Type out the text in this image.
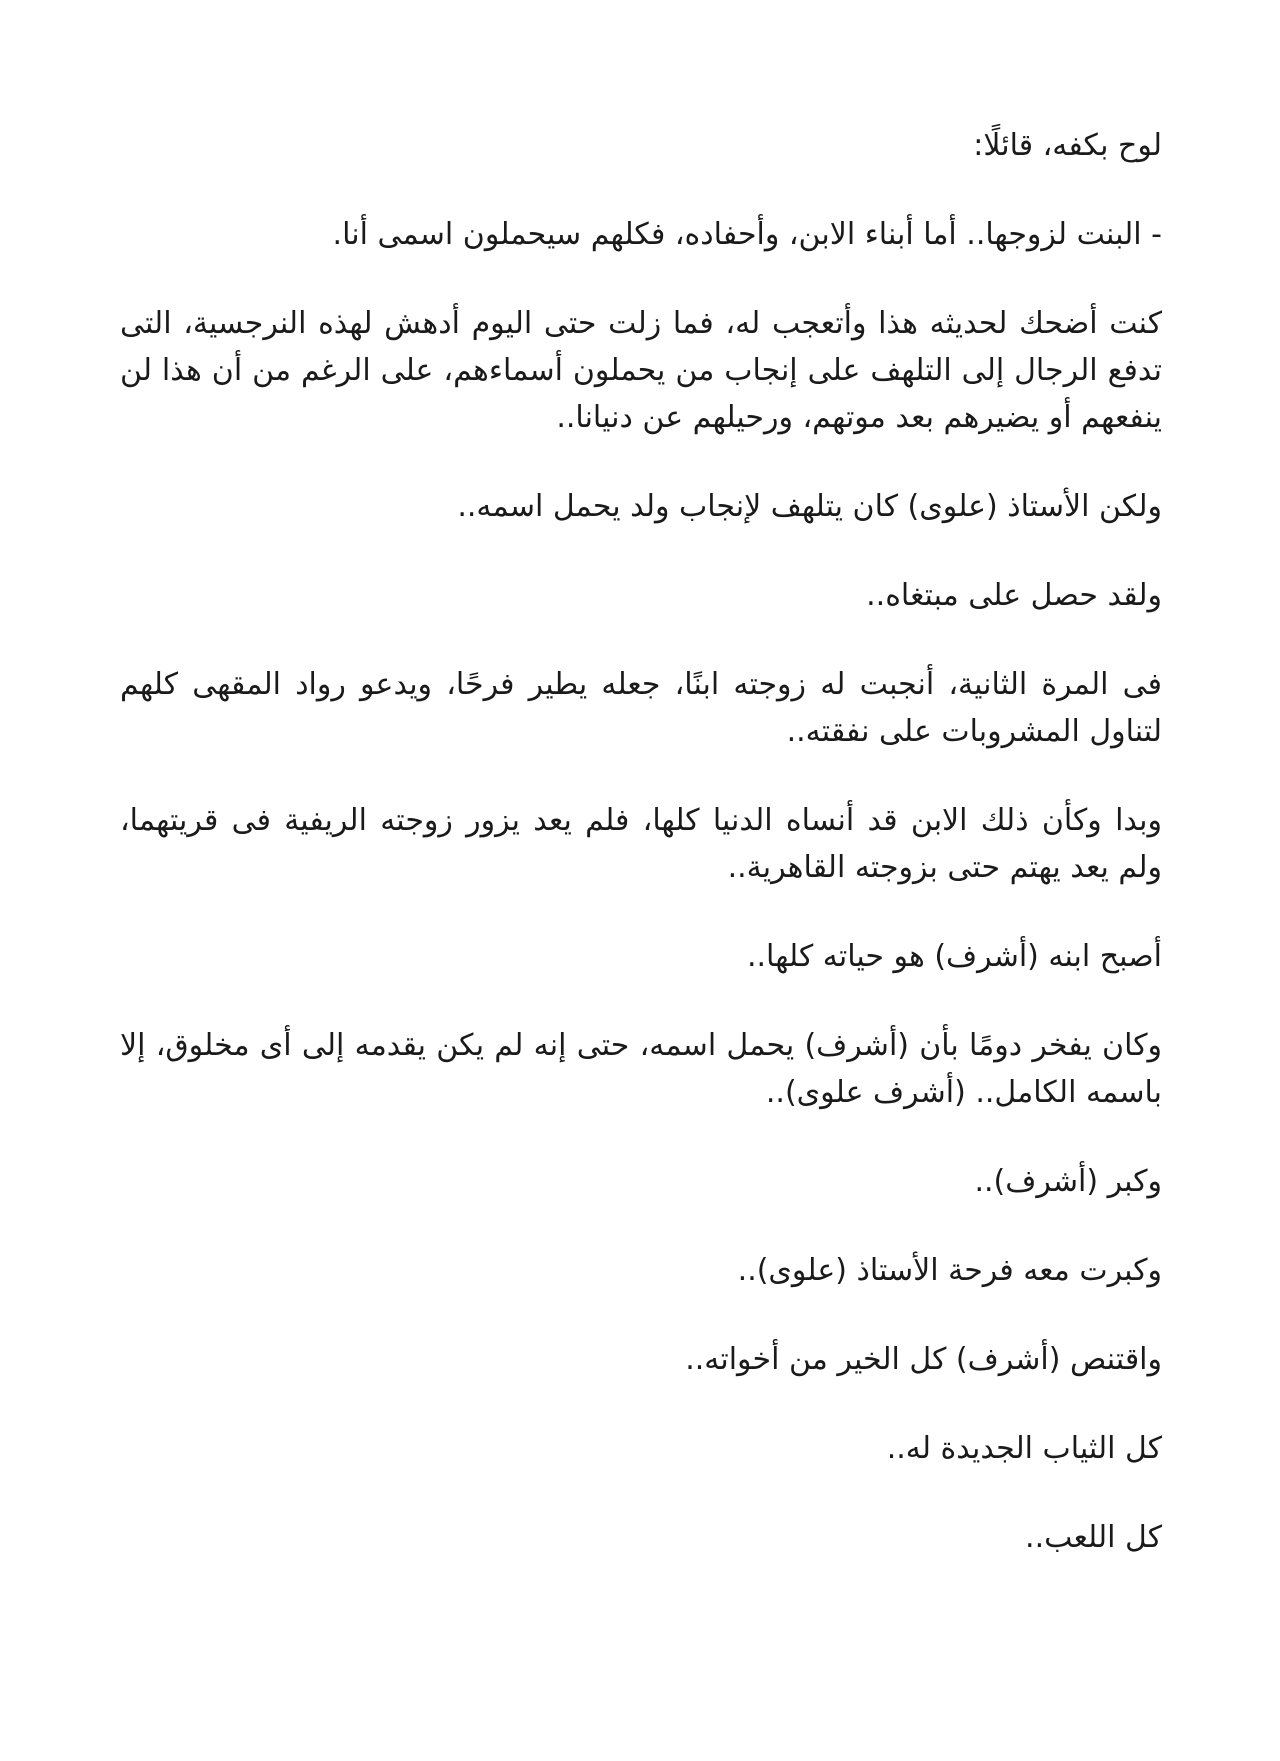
لوح بكفه، قائلًا:

- البنت لزوجها.. أما أبناء الابن، وأحفاده، فكلهم سيحملون اسمى أنا.

كنت أضحك لحديثه هذا وأتعجب له، فما زلت حتى اليوم أدهش لهذه النرجسية، التى تدفع الرجال إلى التلهف على إنجاب من يحملون أسماءهم، على الرغم من أن هذا لن ينفعهم أو يضيرهم بعد موتهم، ورحيلهم عن دنيانا..

ولكن الأستاذ (علوى) كان يتلهف لإنجاب ولد يحمل اسمه..

ولقد حصل على مبتغاه..

فى المرة الثانية، أنجبت له زوجته ابنًا، جعله يطير فرحًا، ويدعو رواد المقهى كلهم لتناول المشروبات على نفقته..

وبدا وكأن ذلك الابن قد أنساه الدنيا كلها، فلم يعد يزور زوجته الريفية فى قريتهما، ولم يعد يهتم حتى بزوجته القاهرية..

أصبح ابنه (أشرف) هو حياته كلها..

وكان يفخر دومًا بأن (أشرف) يحمل اسمه، حتى إنه لم يكن يقدمه إلى أى مخلوق، إلا باسمه الكامل.. (أشرف علوى)..

وكبر (أشرف)..

وكبرت معه فرحة الأستاذ (علوى)..

واقتنص (أشرف) كل الخير من أخواته..

كل الثياب الجديدة له..

كل اللعب..
